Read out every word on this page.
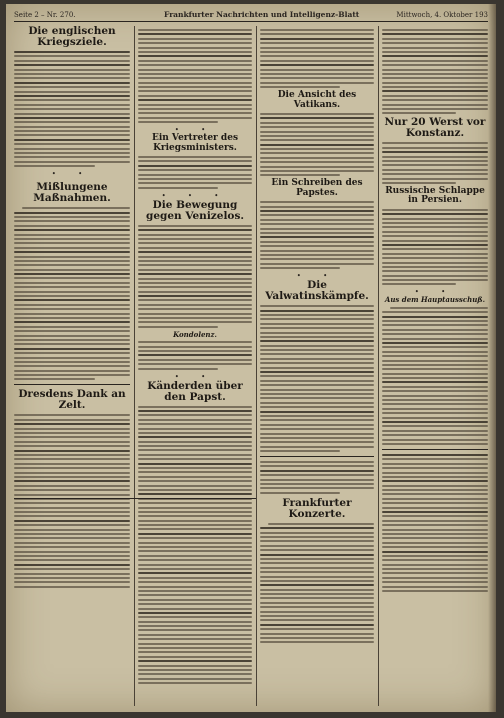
Seite 2 – Nr. 270.	Frankfurter Nachrichten und Intelligenz-Blatt	Mittwoch, 4. Oktober 193
Die englischen Kriegsziele.
• •
Mißlungene Maßnahmen.
Dresdens Dank an Zelt.
• •
Ein Vertreter des Kriegsministers.
• • •
Die Bewegung gegen Venizelos.
Kondolenz.
• •
Känderden über den Papst.
Die Ansicht des Vatikans.
Ein Schreiben des Papstes.
• •
Die Valwatinskämpfe.
Frankfurter Konzerte.
Nur 20 Werst vor Konstanz.
Russische Schlappe in Persien.
• •
Aus dem Hauptausschuß.
